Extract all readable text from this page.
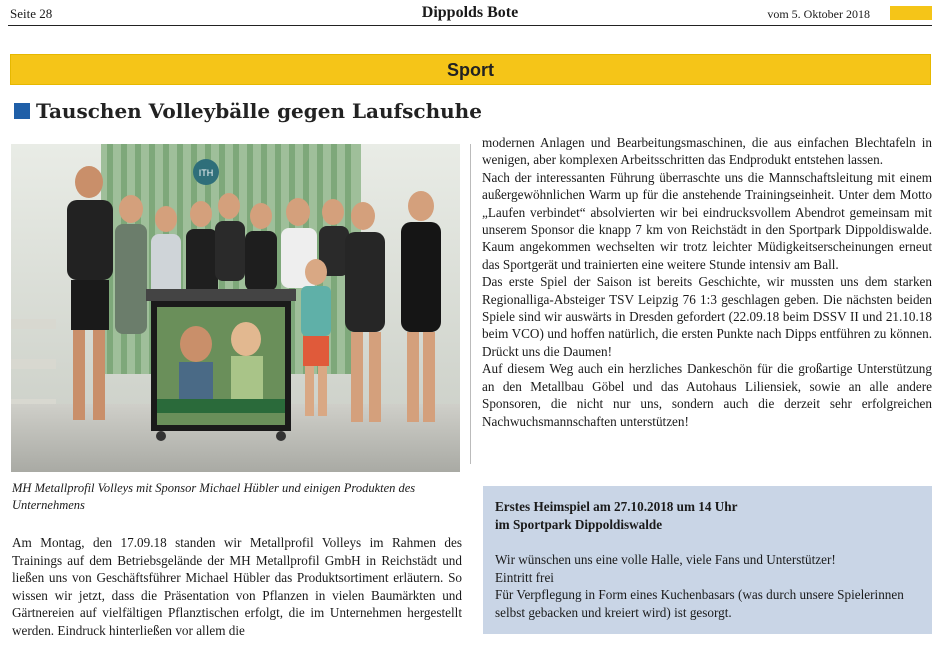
Seite 28	Dippolds Bote	vom 5. Oktober 2018
Sport
Tauschen Volleybälle gegen Laufschuhe
ITH
MH Metallprofil Volleys mit Sponsor Michael Hübler und einigen Produkten des Unternehmens
Am Montag, den 17.09.18 standen wir Metallprofil Volleys im Rahmen des Trainings auf dem Betriebsgelände der MH Metallprofil GmbH in Reichstädt und ließen uns von Geschäftsführer Michael Hübler das Produktsortiment erläutern. So wissen wir jetzt, dass die Präsentation von Pflanzen in vielen Baumärkten und Gärtnereien auf vielfältigen Pflanztischen erfolgt, die im Unternehmen hergestellt werden. Eindruck hinterließen vor allem die

modernen Anlagen und Bearbeitungsmaschinen, die aus einfachen Blechtafeln in wenigen, aber komplexen Arbeitsschritten das Endprodukt entstehen lassen.

Nach der interessanten Führung überraschte uns die Mannschaftsleitung mit einem außergewöhnlichen Warm up für die anstehende Trainingseinheit. Unter dem Motto „Laufen verbindet“ absolvierten wir bei eindrucksvollem Abendrot gemeinsam mit unserem Sponsor die knapp 7 km von Reichstädt in den Sportpark Dippoldiswalde. Kaum angekommen wechselten wir trotz leichter Müdigkeitserscheinungen erneut das Sportgerät und trainierten eine weitere Stunde intensiv am Ball.

Das erste Spiel der Saison ist bereits Geschichte, wir mussten uns dem starken Regionalliga-Absteiger TSV Leipzig 76 1:3 geschlagen geben. Die nächsten beiden Spiele sind wir auswärts in Dresden gefordert (22.09.18 beim DSSV II und 21.10.18 beim VCO) und hoffen natürlich, die ersten Punkte nach Dipps entführen zu können. Drückt uns die Daumen!

Auf diesem Weg auch ein herzliches Dankeschön für die großartige Unterstützung an den Metallbau Göbel und das Autohaus Liliensiek, sowie an alle andere Sponsoren, die nicht nur uns, sondern auch die derzeit sehr erfolgreichen Nachwuchsmannschaften unterstützen!

Erstes Heimspiel am 27.10.2018 um 14 Uhr
im Sportpark Dippoldiswalde
Wir wünschen uns eine volle Halle, viele Fans und Unterstützer!
Eintritt frei
Für Verpflegung in Form eines Kuchenbasars (was durch unsere Spielerinnen selbst gebacken und kreiert wird) ist gesorgt.
